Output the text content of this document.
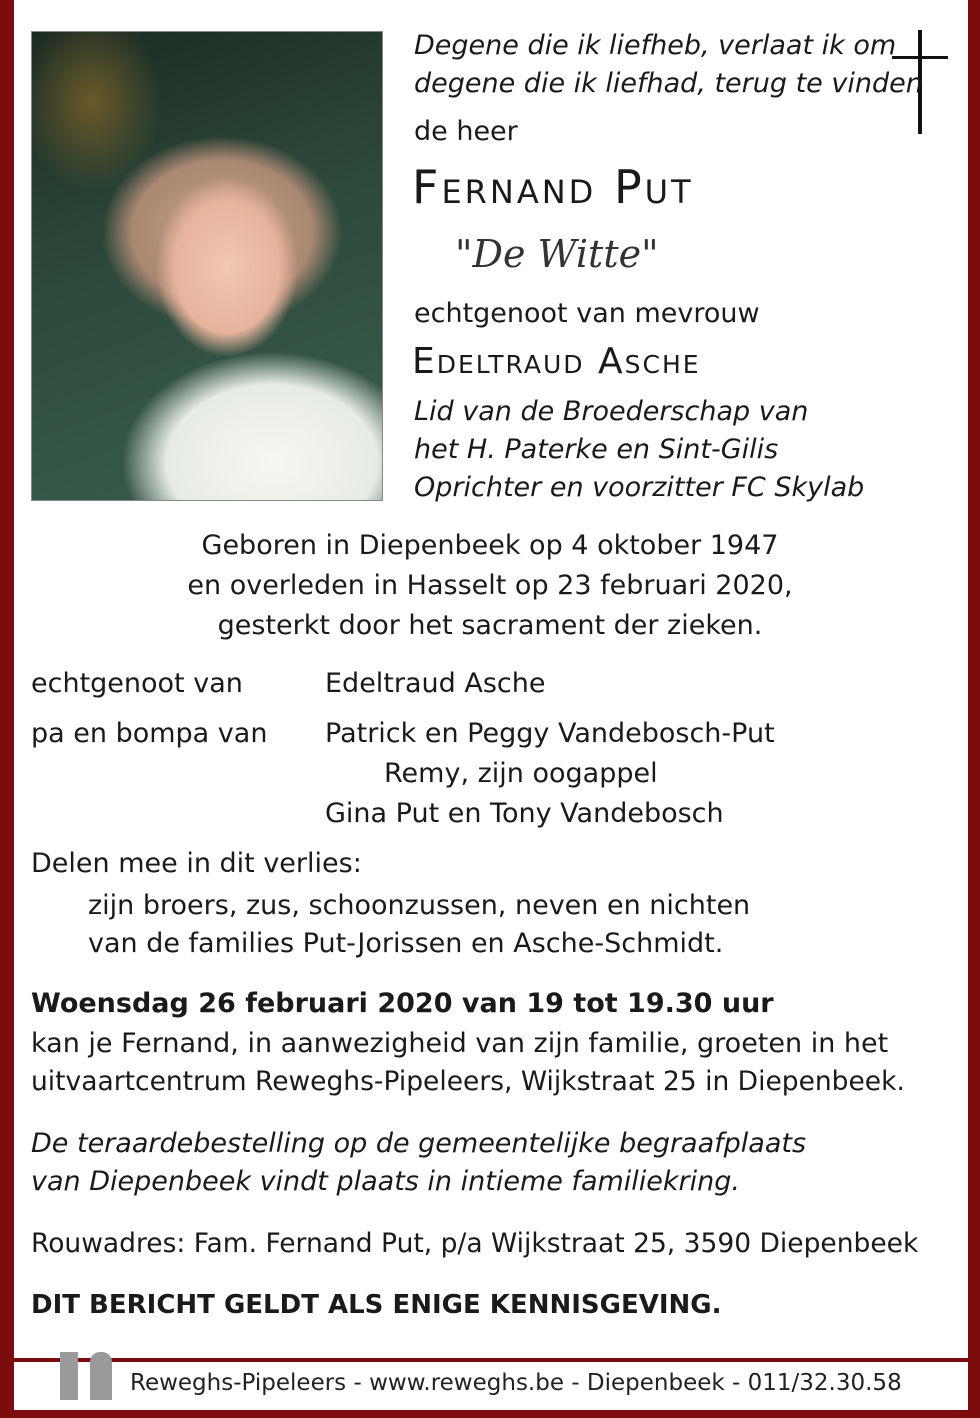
Degene die ik liefheb, verlaat ik om
degene die ik liefhad, terug te vinden
de heer
Fernand Put
"De Witte"
echtgenoot van mevrouw
Edeltraud Asche
Lid van de Broederschap van
het H. Paterke en Sint-Gilis
Oprichter en voorzitter FC Skylab
Geboren in Diepenbeek op 4 oktober 1947
en overleden in Hasselt op 23 februari 2020,
gesterkt door het sacrament der zieken.
echtgenoot van	Edeltraud Asche
pa en bompa van Patrick en Peggy Vandebosch-Put
Remy, zijn oogappel
Gina Put en Tony Vandebosch
Delen mee in dit verlies:
zijn broers, zus, schoonzussen, neven en nichten
van de families Put-Jorissen en Asche-Schmidt.
Woensdag 26 februari 2020 van 19 tot 19.30 uur
kan je Fernand, in aanwezigheid van zijn familie, groeten in het
uitvaartcentrum Reweghs-Pipeleers, Wijkstraat 25 in Diepenbeek.
De teraardebestelling op de gemeentelijke begraafplaats
van Diepenbeek vindt plaats in intieme familiekring.
Rouwadres: Fam. Fernand Put, p/a Wijkstraat 25, 3590 Diepenbeek
DIT BERICHT GELDT ALS ENIGE KENNISGEVING.
Reweghs-Pipeleers - www.reweghs.be - Diepenbeek - 011/32.30.58
